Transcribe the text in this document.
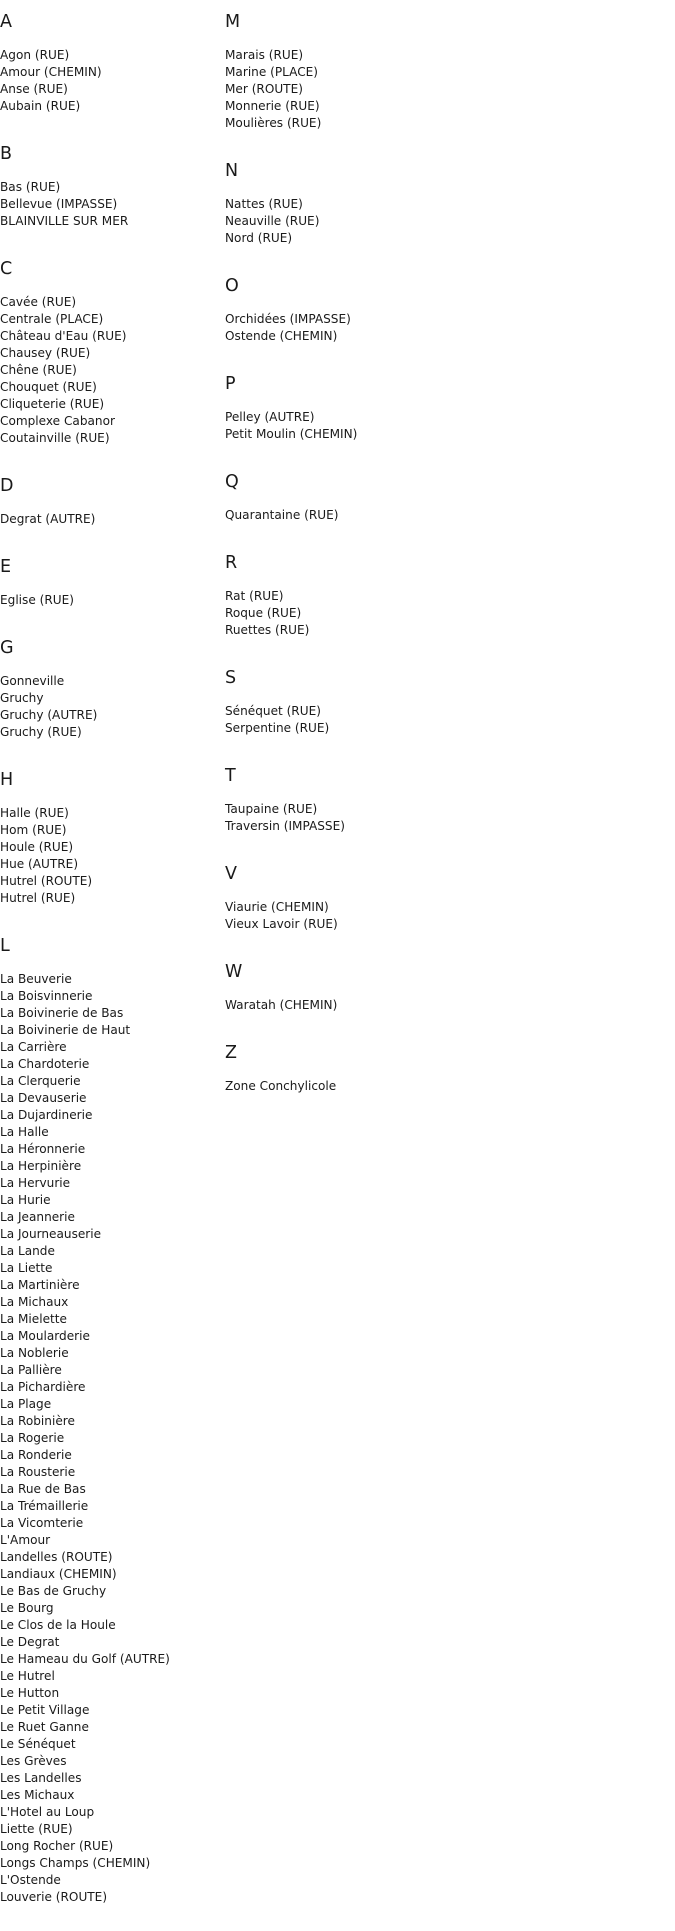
A
Agon (RUE)
Amour (CHEMIN)
Anse (RUE)
Aubain (RUE)
B
Bas (RUE)
Bellevue (IMPASSE)
BLAINVILLE SUR MER
C
Cavée (RUE)
Centrale (PLACE)
Château d'Eau (RUE)
Chausey (RUE)
Chêne (RUE)
Chouquet (RUE)
Cliqueterie (RUE)
Complexe Cabanor
Coutainville (RUE)
D
Degrat (AUTRE)
E
Eglise (RUE)
G
Gonneville
Gruchy
Gruchy (AUTRE)
Gruchy (RUE)
H
Halle (RUE)
Hom (RUE)
Houle (RUE)
Hue (AUTRE)
Hutrel (ROUTE)
Hutrel (RUE)
L
La Beuverie
La Boisvinnerie
La Boivinerie de Bas
La Boivinerie de Haut
La Carrière
La Chardoterie
La Clerquerie
La Devauserie
La Dujardinerie
La Halle
La Héronnerie
La Herpinière
La Hervurie
La Hurie
La Jeannerie
La Journeauserie
La Lande
La Liette
La Martinière
La Michaux
La Mielette
La Moularderie
La Noblerie
La Pallière
La Pichardière
La Plage
La Robinière
La Rogerie
La Ronderie
La Rousterie
La Rue de Bas
La Trémaillerie
La Vicomterie
L'Amour
Landelles (ROUTE)
Landiaux (CHEMIN)
Le Bas de Gruchy
Le Bourg
Le Clos de la Houle
Le Degrat
Le Hameau du Golf (AUTRE)
Le Hutrel
Le Hutton
Le Petit Village
Le Ruet Ganne
Le Sénéquet
Les Grèves
Les Landelles
Les Michaux
L'Hotel au Loup
Liette (RUE)
Long Rocher (RUE)
Longs Champs (CHEMIN)
L'Ostende
Louverie (ROUTE)
M
Marais (RUE)
Marine (PLACE)
Mer (ROUTE)
Monnerie (RUE)
Moulières (RUE)
N
Nattes (RUE)
Neauville (RUE)
Nord (RUE)
O
Orchidées (IMPASSE)
Ostende (CHEMIN)
P
Pelley (AUTRE)
Petit Moulin (CHEMIN)
Q
Quarantaine (RUE)
R
Rat (RUE)
Roque (RUE)
Ruettes (RUE)
S
Sénéquet (RUE)
Serpentine (RUE)
T
Taupaine (RUE)
Traversin (IMPASSE)
V
Viaurie (CHEMIN)
Vieux Lavoir (RUE)
W
Waratah (CHEMIN)
Z
Zone Conchylicole
